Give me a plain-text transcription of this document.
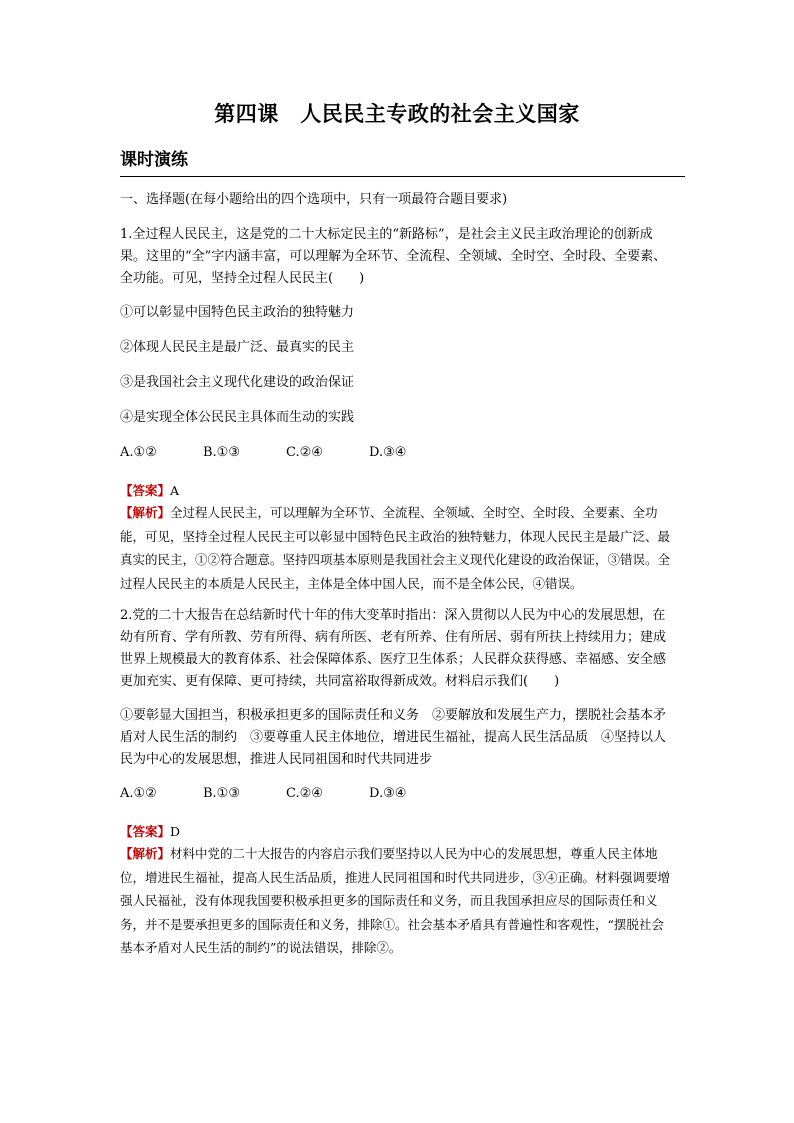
第四课　人民民主专政的社会主义国家
课时演练
一、选择题(在每小题给出的四个选项中，只有一项最符合题目要求)
1.全过程人民民主，这是党的二十大标定民主的“新路标”，是社会主义民主政治理论的创新成果。这里的“全”字内涵丰富，可以理解为全环节、全流程、全领域、全时空、全时段、全要素、全功能。可见，坚持全过程人民民主( )
①可以彰显中国特色民主政治的独特魅力
②体现人民民主是最广泛、最真实的民主
③是我国社会主义现代化建设的政治保证
④是实现全体公民民主具体而生动的实践
A.①②	B.①③	C.②④	D.③④
【答案】A
【解析】全过程人民民主，可以理解为全环节、全流程、全领域、全时空、全时段、全要素、全功能，可见，坚持全过程人民民主可以彰显中国特色民主政治的独特魅力，体现人民民主是最广泛、最真实的民主，①②符合题意。坚持四项基本原则是我国社会主义现代化建设的政治保证，③错误。全过程人民民主的本质是人民民主，主体是全体中国人民，而不是全体公民，④错误。
2.党的二十大报告在总结新时代十年的伟大变革时指出：深入贯彻以人民为中心的发展思想，在幼有所育、学有所教、劳有所得、病有所医、老有所养、住有所居、弱有所扶上持续用力；建成世界上规模最大的教育体系、社会保障体系、医疗卫生体系；人民群众获得感、幸福感、安全感更加充实、更有保障、更可持续，共同富裕取得新成效。材料启示我们( )
①要彰显大国担当，积极承担更多的国际责任和义务　②要解放和发展生产力，摆脱社会基本矛盾对人民生活的制约　③要尊重人民主体地位，增进民生福祉，提高人民生活品质　④坚持以人民为中心的发展思想，推进人民同祖国和时代共同进步
A.①②	B.①③	C.②④	D.③④
【答案】D
【解析】材料中党的二十大报告的内容启示我们要坚持以人民为中心的发展思想，尊重人民主体地位，增进民生福祉，提高人民生活品质，推进人民同祖国和时代共同进步，③④正确。材料强调要增强人民福祉，没有体现我国要积极承担更多的国际责任和义务，而且我国承担应尽的国际责任和义务，并不是要承担更多的国际责任和义务，排除①。社会基本矛盾具有普遍性和客观性，“摆脱社会基本矛盾对人民生活的制约”的说法错误，排除②。
